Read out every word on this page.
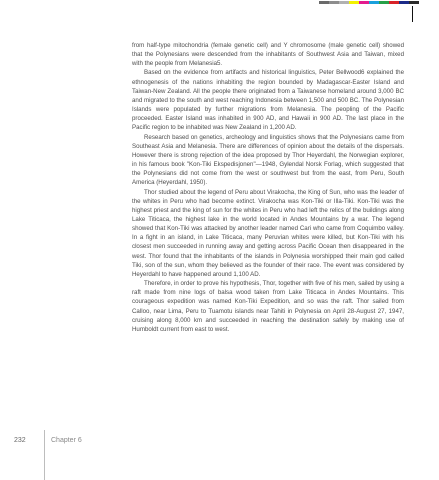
from half-type mitochondria (female genetic cell) and Y chromosome (male genetic cell) showed that the Polynesians were descended from the inhabitants of Southwest Asia and Taiwan, mixed with the people from Melanesia5.

Based on the evidence from artifacts and historical linguistics, Peter Bellwood6 explained the ethnogenesis of the nations inhabiting the region bounded by Madagascar-Easter Island and Taiwan-New Zealand. All the people there originated from a Taiwanese homeland around 3,000 BC and migrated to the south and west reaching Indonesia between 1,500 and 500 BC. The Polynesian Islands were populated by further migrations from Melanesia. The peopling of the Pacific proceeded. Easter Island was inhabited in 900 AD, and Hawaii in 900 AD. The last place in the Pacific region to be inhabited was New Zealand in 1,200 AD.

Research based on genetics, archeology and linguistics shows that the Polynesians came from Southeast Asia and Melanesia. There are differences of opinion about the details of the dispersals. However there is strong rejection of the idea proposed by Thor Heyerdahl, the Norwegian explorer, in his famous book "Kon-Tiki Ekspedisjonen"—1948, Gylendal Norsk Forlag, which suggested that the Polynesians did not come from the west or southwest but from the east, from Peru, South America (Heyerdahl, 1950).

Thor studied about the legend of Peru about Virakocha, the King of Sun, who was the leader of the whites in Peru who had become extinct. Virakocha was Kon-Tiki or Illa-Tiki. Kon-Tiki was the highest priest and the king of sun for the whites in Peru who had left the relics of the buildings along Lake Titicaca, the highest lake in the world located in Andes Mountains by a war. The legend showed that Kon-Tiki was attacked by another leader named Cari who came from Coquimbo valley. In a fight in an island, in Lake Titicaca, many Peruvian whites were killed, but Kon-Tiki with his closest men succeeded in running away and getting across Pacific Ocean then disappeared in the west. Thor found that the inhabitants of the islands in Polynesia worshipped their main god called Tiki, son of the sun, whom they believed as the founder of their race. The event was considered by Heyerdahl to have happened around 1,100 AD.

Therefore, in order to prove his hypothesis, Thor, together with five of his men, sailed by using a raft made from nine logs of balsa wood taken from Lake Titicaca in Andes Mountains. This courageous expedition was named Kon-Tiki Expedition, and so was the raft. Thor sailed from Calloo, near Lima, Peru to Tuamotu islands near Tahiti in Polynesia on April 28-August 27, 1947, cruising along 8,000 km and succeeded in reaching the destination safely by making use of Humboldt current from east to west.

232	Chapter 6
